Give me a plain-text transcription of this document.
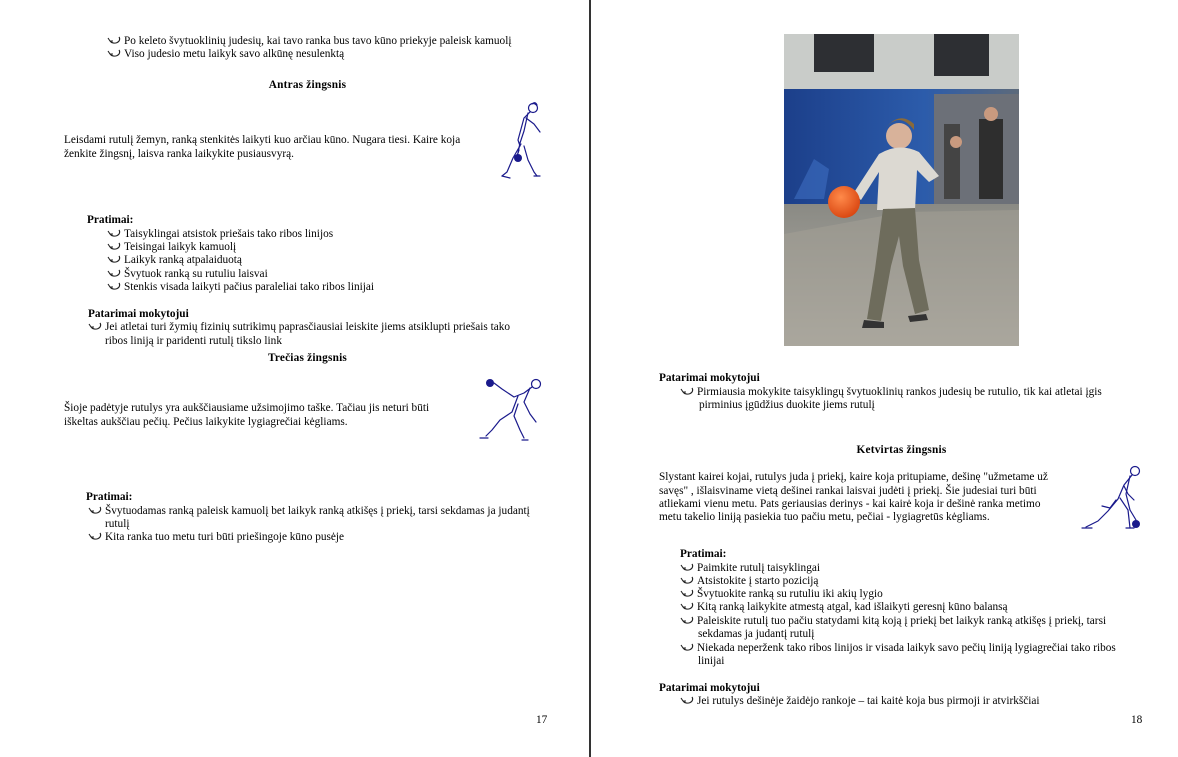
Po keleto švytuoklinių judesių, kai tavo ranka bus tavo kūno priekyje paleisk kamuolį
Viso judesio metu laikyk savo alkūnę nesulenktą
Antras žingsnis
Leisdami rutulį žemyn, ranką stenkitės laikyti kuo arčiau kūno. Nugara tiesi. Kaire koja
ženkite žingsnį, laisva ranka laikykite pusiausvyrą.
Pratimai:
Taisyklingai atsistok priešais tako ribos linijos
Teisingai laikyk kamuolį
Laikyk ranką atpalaiduotą
Švytuok ranką su rutuliu laisvai
Stenkis visada laikyti pačius paraleliai tako ribos linijai
Patarimai mokytojui
Jei atletai turi žymių fizinių sutrikimų paprasčiausiai leiskite jiems atsiklupti priešais tako
ribos liniją ir paridenti rutulį tikslo link
Trečias žingsnis
Šioje padėtyje rutulys yra aukščiausiame užsimojimo taške. Tačiau jis neturi būti
iškeltas aukščiau pečių. Pečius laikykite lygiagrečiai kėgliams.
Pratimai:
Švytuodamas ranką paleisk kamuolį bet laikyk ranką atkišęs į priekį, tarsi sekdamas ja judantį
rutulį
Kita ranka tuo metu turi būti priešingoje kūno pusėje
17
Patarimai mokytojui
Pirmiausia mokykite taisyklingų švytuoklinių rankos judesių be rutulio, tik kai atletai įgis
pirminius įgūdžius duokite jiems rutulį
Ketvirtas žingsnis
Slystant kairei kojai, rutulys juda į priekį, kaire koja pritupiame, dešinę "užmetame už
savęs" , išlaisviname vietą dešinei rankai laisvai judėti į priekį. Šie judesiai turi būti
atliekami vienu metu. Pats geriausias derinys - kai kairė koja ir dešinė ranka metimo
metu takelio liniją pasiekia tuo pačiu metu, pečiai - lygiagretūs kėgliams.
Pratimai:
Paimkite rutulį taisyklingai
Atsistokite į starto poziciją
Švytuokite ranką su rutuliu iki akių lygio
Kitą ranką laikykite atmestą atgal, kad išlaikyti geresnį kūno balansą
Paleiskite rutulį tuo pačiu statydami kitą koją į priekį bet laikyk ranką atkišęs į priekį, tarsi
sekdamas ja judantį rutulį
Niekada neperženk tako ribos linijos ir visada laikyk savo pečių liniją lygiagrečiai tako ribos
linijai
Patarimai mokytojui
Jei rutulys dešinėje žaidėjo rankoje – tai kaitė koja bus pirmoji ir atvirkščiai
18
